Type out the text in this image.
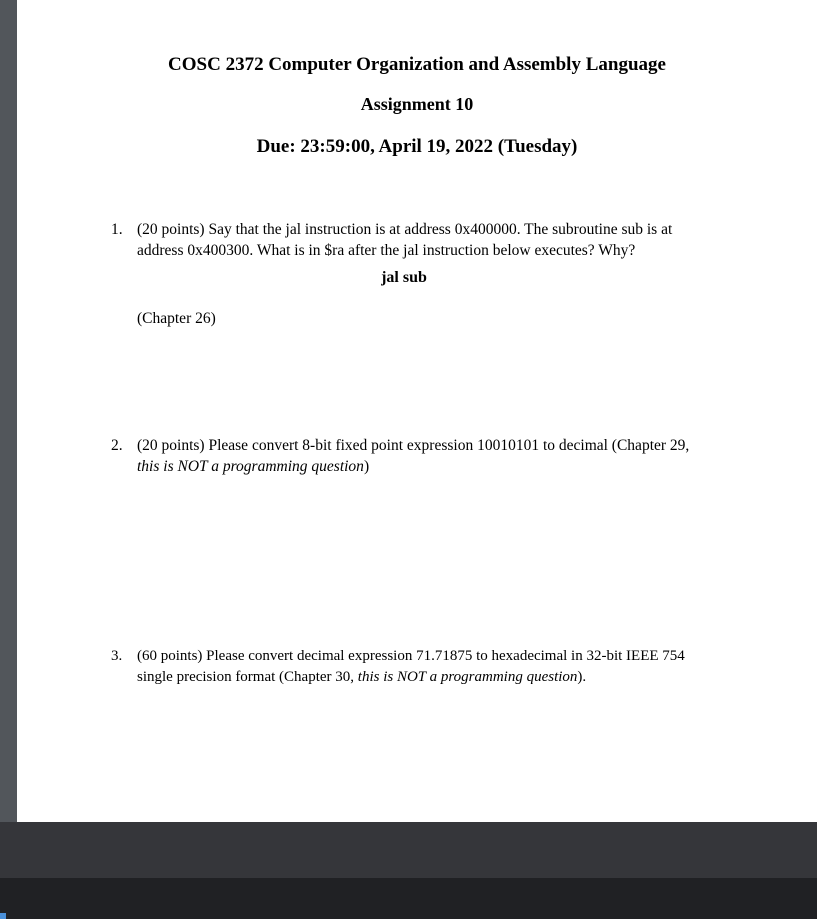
COSC 2372 Computer Organization and Assembly Language
Assignment 10
Due: 23:59:00, April 19, 2022 (Tuesday)
1. (20 points) Say that the jal instruction is at address 0x400000. The subroutine sub is at
address 0x400300. What is in $ra after the jal instruction below executes? Why?
jal sub
(Chapter 26)
2. (20 points) Please convert 8-bit fixed point expression 10010101 to decimal (Chapter 29,
this is NOT a programming question)
3. (60 points) Please convert decimal expression 71.71875 to hexadecimal in 32-bit IEEE 754
single precision format (Chapter 30, this is NOT a programming question).
